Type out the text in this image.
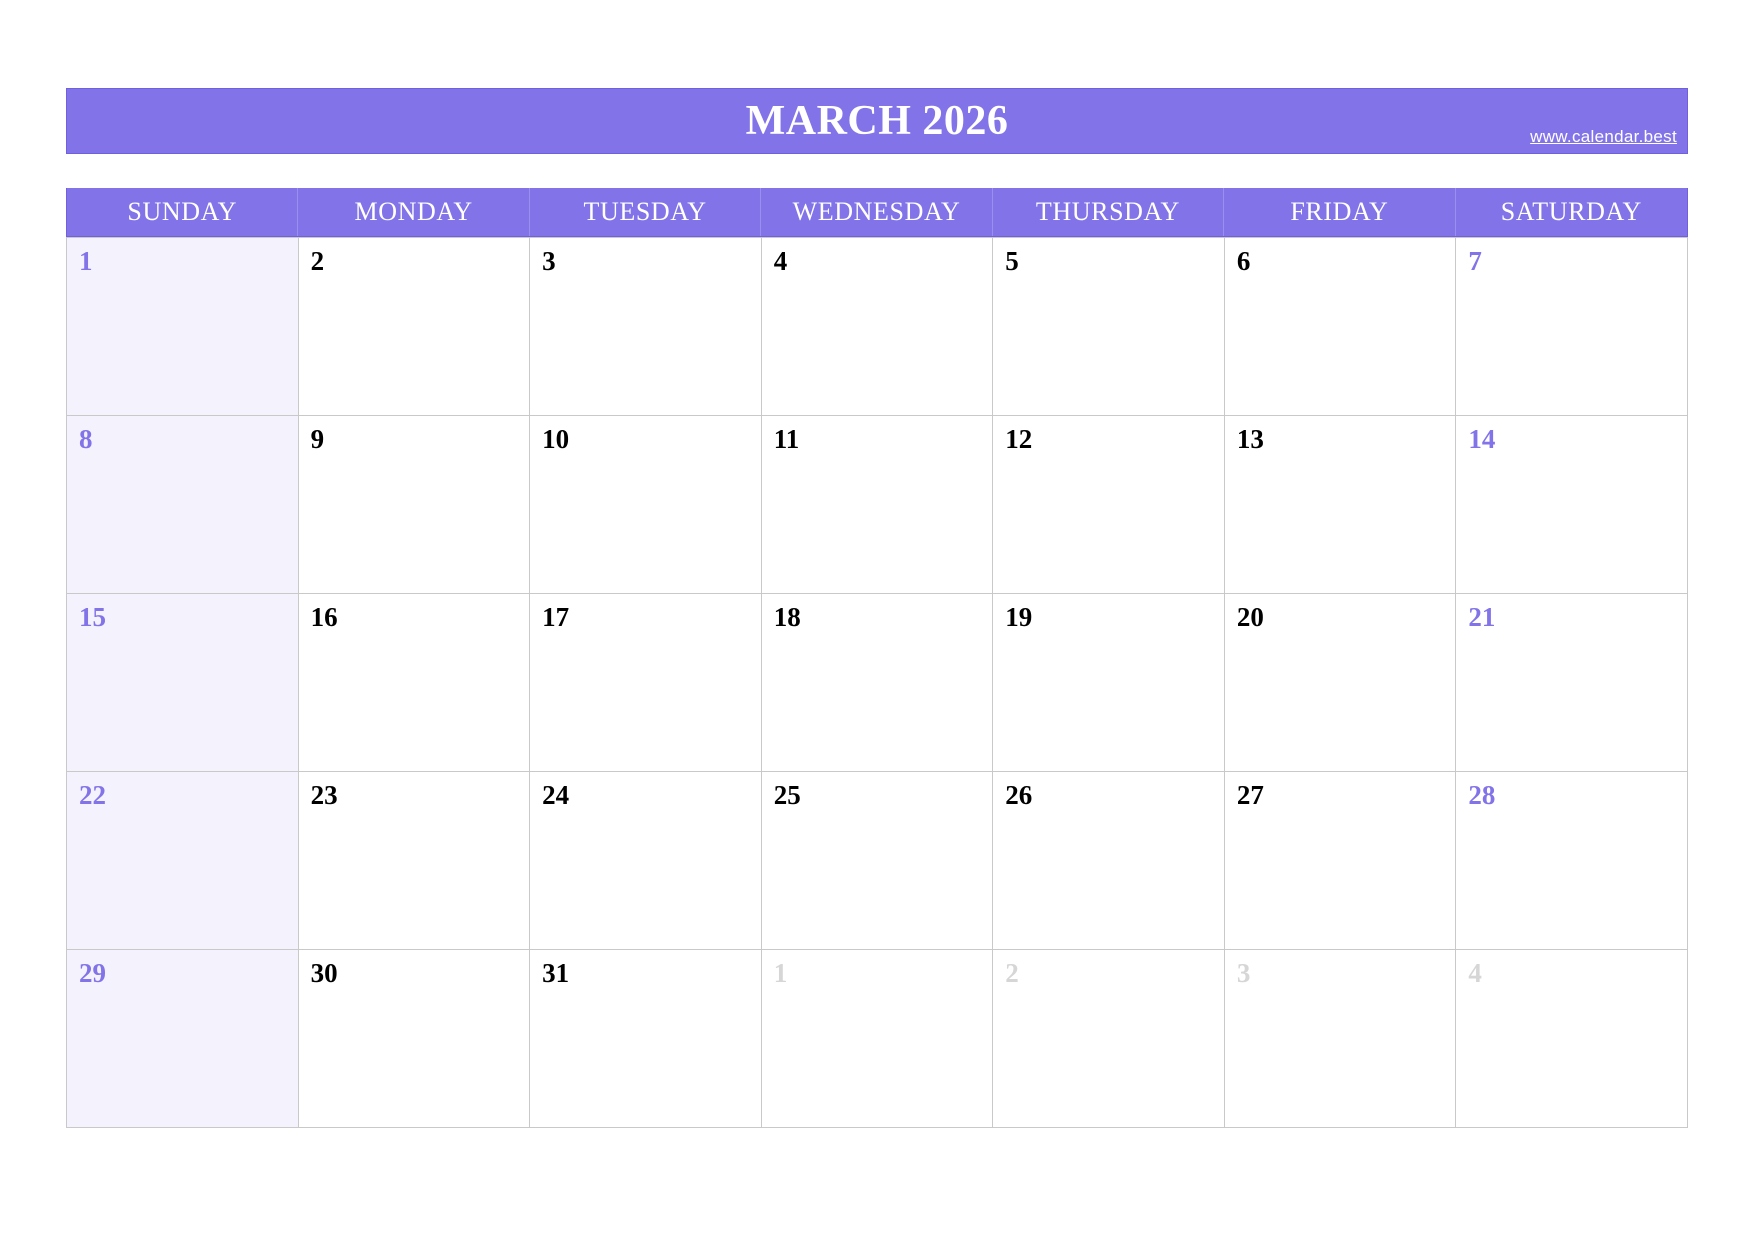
MARCH 2026	www.calendar.best
SUNDAY	MONDAY	TUESDAY	WEDNESDAY	THURSDAY	FRIDAY	SATURDAY
1	2	3	4	5	6	7
8	9	10	11	12	13	14
15	16	17	18	19	20	21
22	23	24	25	26	27	28
29	30	31	1	2	3	4
